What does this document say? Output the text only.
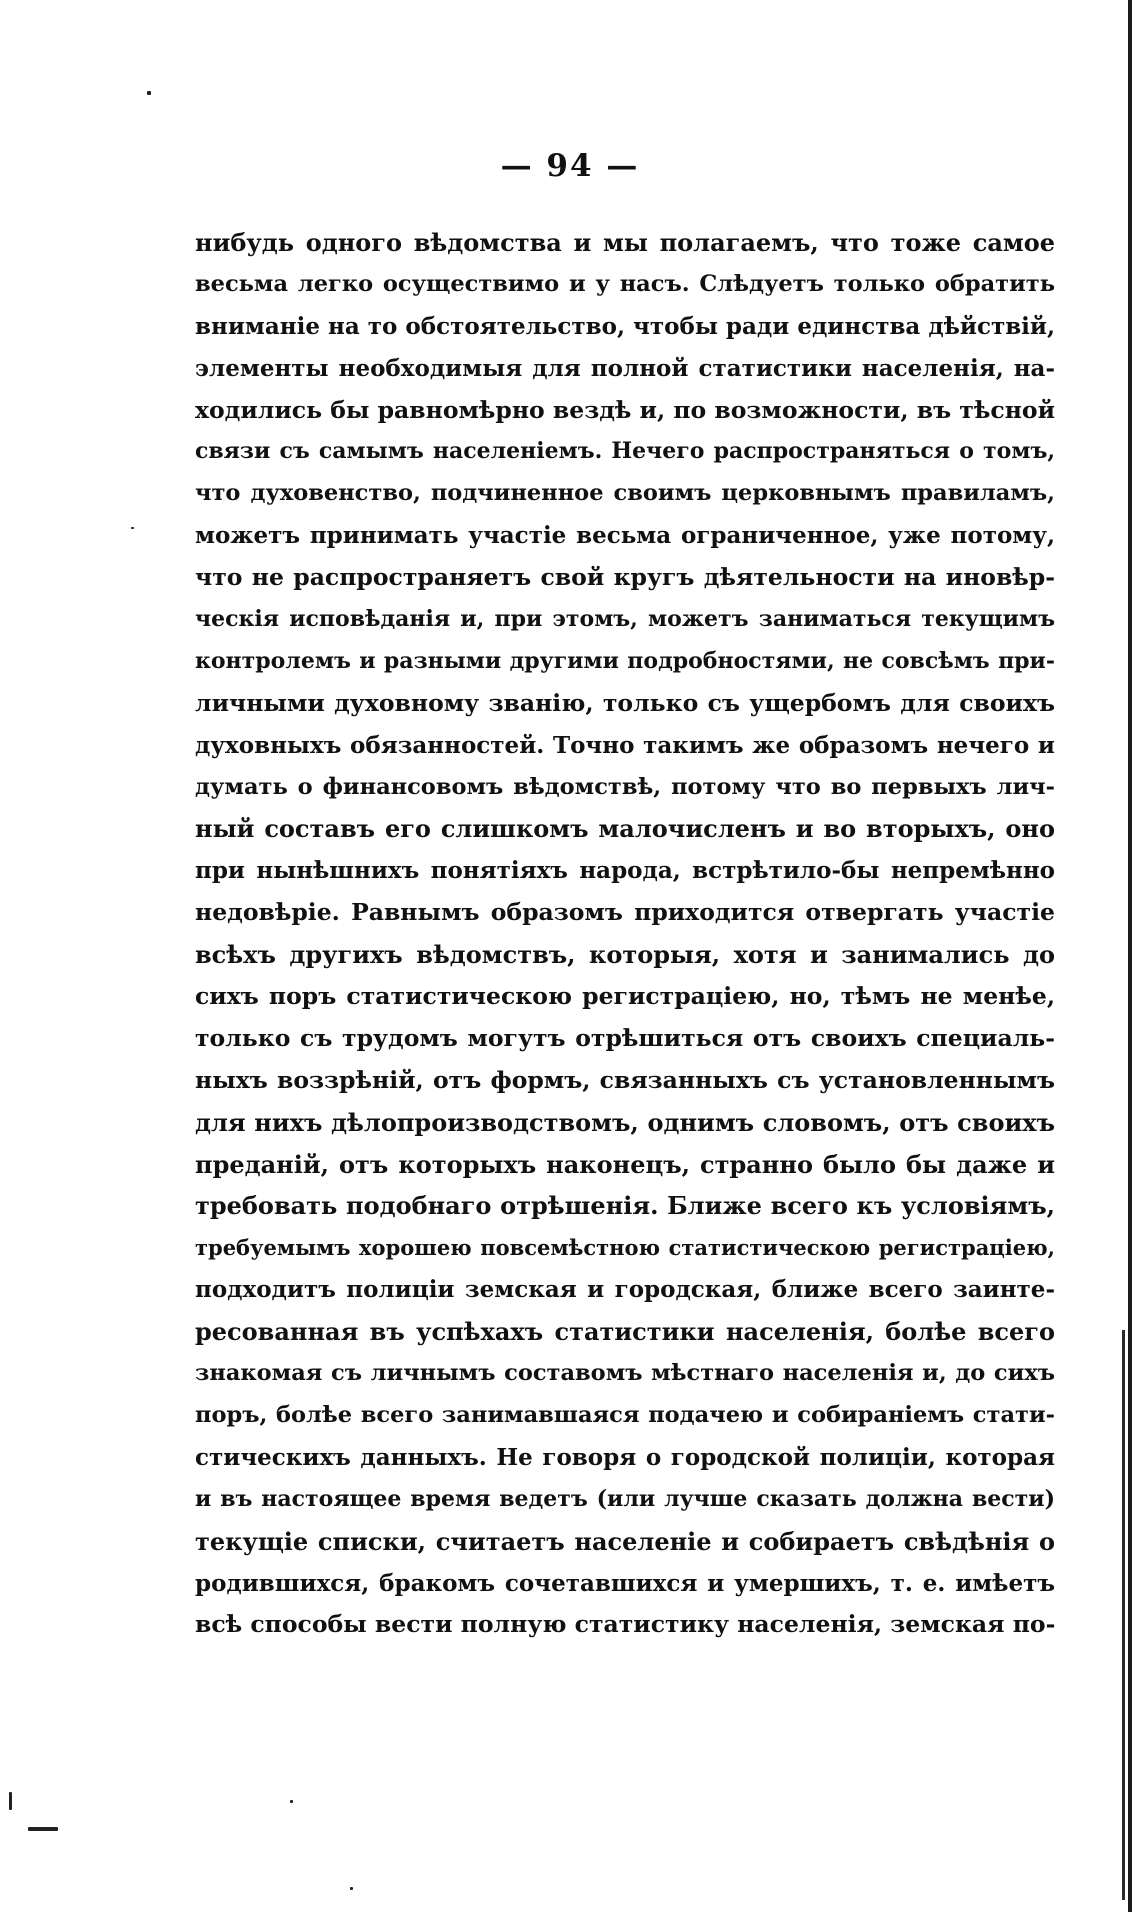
— 94 —
нибудь одного вѣдомства и мы полагаемъ, что тоже самое
весьма легко осуществимо и у насъ. Слѣдуетъ только обратить
вниманіе на то обстоятельство, чтобы ради единства дѣйствій,
элементы необходимыя для полной статистики населенія, на-
ходились бы равномѣрно вездѣ и, по возможности, въ тѣсной
связи съ самымъ населеніемъ. Нечего распространяться о томъ,
что духовенство, подчиненное своимъ церковнымъ правиламъ,
можетъ принимать участіе весьма ограниченное, уже потому,
что не распространяетъ свой кругъ дѣятельности на иновѣр-
ческія исповѣданія и, при этомъ, можетъ заниматься текущимъ
контролемъ и разными другими подробностями, не совсѣмъ при-
личными духовному званію, только съ ущербомъ для своихъ
духовныхъ обязанностей. Точно такимъ же образомъ нечего и
думать о финансовомъ вѣдомствѣ, потому что во первыхъ лич-
ный составъ его слишкомъ малочисленъ и во вторыхъ, оно
при нынѣшнихъ понятіяхъ народа, встрѣтило-бы непремѣнно
недовѣріе. Равнымъ образомъ приходится отвергать участіе
всѣхъ другихъ вѣдомствъ, которыя, хотя и занимались до
сихъ поръ статистическою регистраціею, но, тѣмъ не менѣе,
только съ трудомъ могутъ отрѣшиться отъ своихъ специаль-
ныхъ воззрѣній, отъ формъ, связанныхъ съ установленнымъ
для нихъ дѣлопроизводствомъ, однимъ словомъ, отъ своихъ
преданій, отъ которыхъ наконецъ, странно было бы даже и
требовать подобнаго отрѣшенія. Ближе всего къ условіямъ,
требуемымъ хорошею повсемѣстною статистическою регистраціею,
подходитъ полиціи земская и городская, ближе всего заинте-
ресованная въ успѣхахъ статистики населенія, болѣе всего
знакомая съ личнымъ составомъ мѣстнаго населенія и, до сихъ
поръ, болѣе всего занимавшаяся подачею и собираніемъ стати-
стическихъ данныхъ. Не говоря о городской полиціи, которая
и въ настоящее время ведетъ (или лучше сказать должна вести)
текущіе списки, считаетъ населеніе и собираетъ свѣдѣнія о
родившихся, бракомъ сочетавшихся и умершихъ, т. е. имѣетъ
всѣ способы вести полную статистику населенія, земская по-
